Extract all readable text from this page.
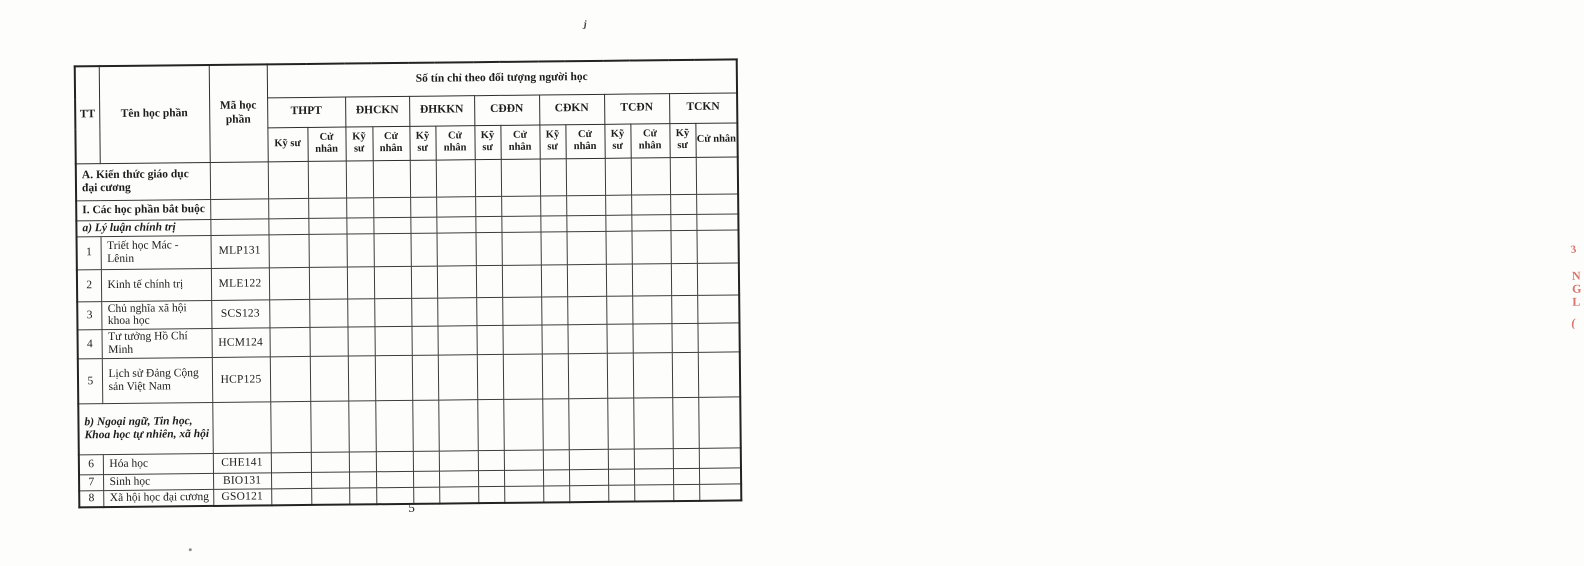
TT	Tên học phần	Mã học phần	Số tín chỉ theo đối tượng người học													
			THPT		ĐHCKN		ĐHKKN		CĐĐN		CĐKN		TCĐN		TCKN	
			Kỹ sư	Cử nhân	Kỹ sư	Cử nhân	Kỹ sư	Cử nhân	Kỹ sư	Cử nhân	Kỹ sư	Cử nhân	Kỹ sư	Cử nhân	Kỹ sư	Cử nhân
A. Kiến thức giáo dục đại cương																
I. Các học phần bắt buộc																
a) Lý luận chính trị																
1	Triết học Mác - Lênin	MLP131														
2	Kinh tế chính trị	MLE122														
3	Chủ nghĩa xã hội khoa học	SCS123														
4	Tư tưởng Hồ Chí Minh	HCM124														
5	Lịch sử Đảng Cộng sản Việt Nam	HCP125														
b) Ngoại ngữ, Tin học, Khoa học tự nhiên, xã hội																
6	Hóa học	CHE141														
7	Sinh học	BIO131														
8	Xã hội học đại cương	GSO121														
5
3
N
G
L
(
j
